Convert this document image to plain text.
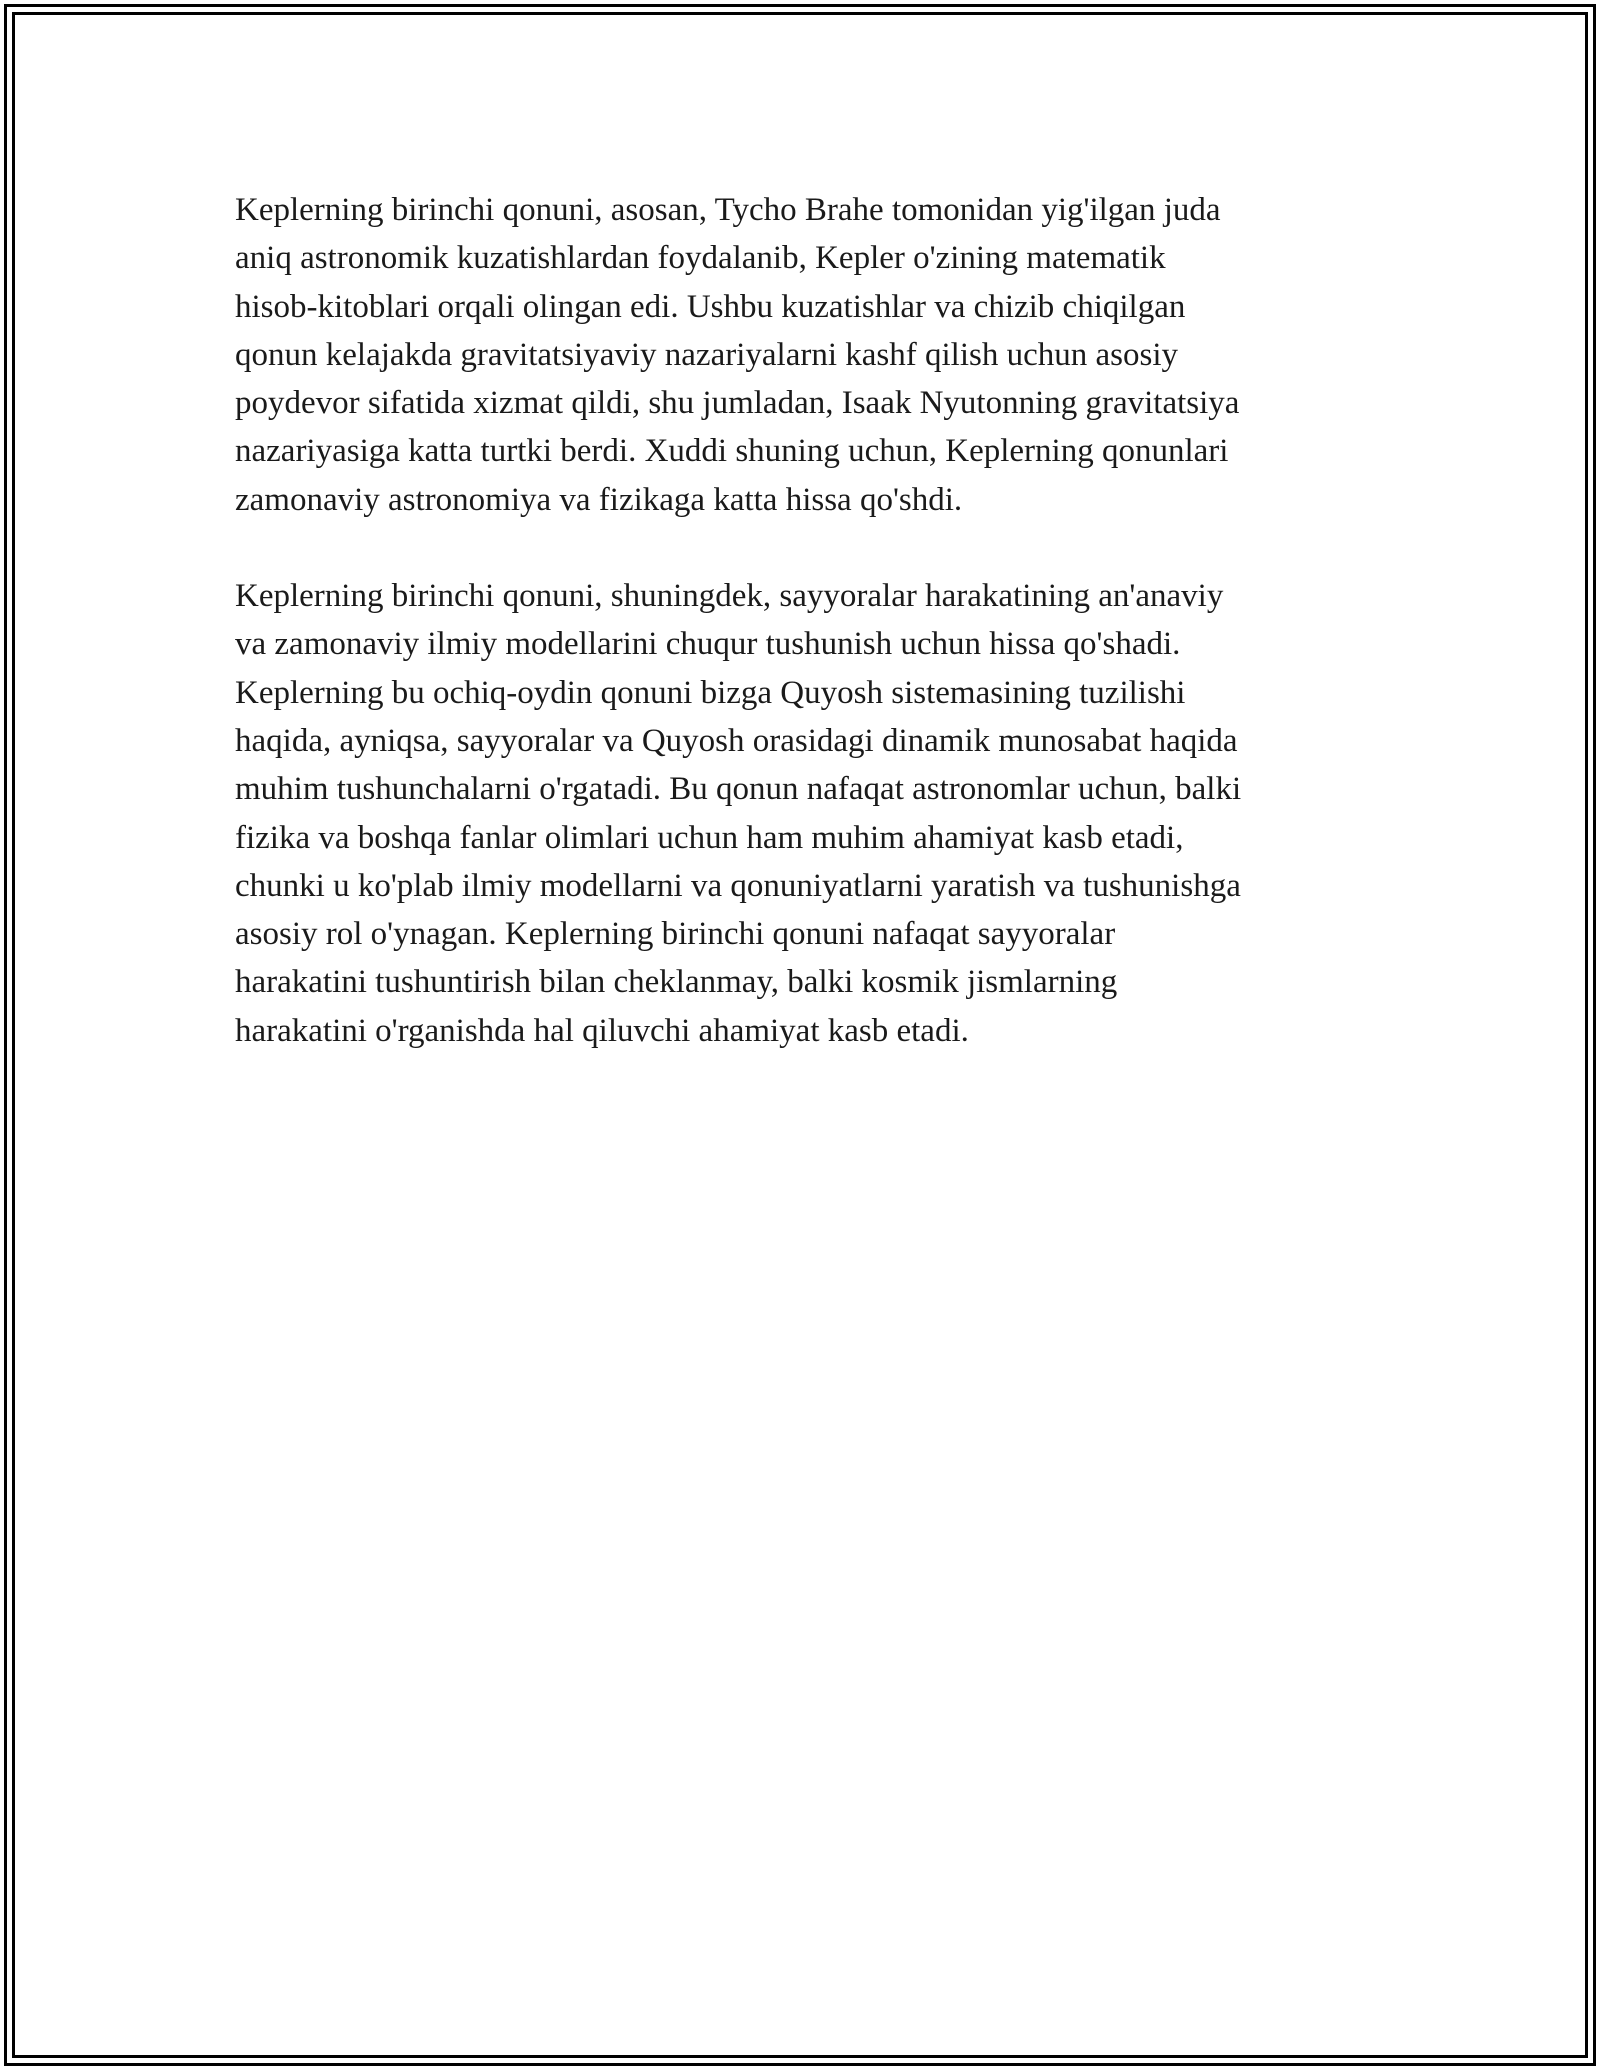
Keplerning birinchi qonuni, asosan, Tycho Brahe tomonidan yig'ilgan juda
aniq astronomik kuzatishlardan foydalanib, Kepler o'zining matematik
hisob-kitoblari orqali olingan edi. Ushbu kuzatishlar va chizib chiqilgan
qonun kelajakda gravitatsiyaviy nazariyalarni kashf qilish uchun asosiy
poydevor sifatida xizmat qildi, shu jumladan, Isaak Nyutonning gravitatsiya
nazariyasiga katta turtki berdi. Xuddi shuning uchun, Keplerning qonunlari
zamonaviy astronomiya va fizikaga katta hissa qo'shdi.

Keplerning birinchi qonuni, shuningdek, sayyoralar harakatining an'anaviy
va zamonaviy ilmiy modellarini chuqur tushunish uchun hissa qo'shadi.
Keplerning bu ochiq-oydin qonuni bizga Quyosh sistemasining tuzilishi
haqida, ayniqsa, sayyoralar va Quyosh orasidagi dinamik munosabat haqida
muhim tushunchalarni o'rgatadi. Bu qonun nafaqat astronomlar uchun, balki
fizika va boshqa fanlar olimlari uchun ham muhim ahamiyat kasb etadi,
chunki u ko'plab ilmiy modellarni va qonuniyatlarni yaratish va tushunishga
asosiy rol o'ynagan. Keplerning birinchi qonuni nafaqat sayyoralar
harakatini tushuntirish bilan cheklanmay, balki kosmik jismlarning
harakatini o'rganishda hal qiluvchi ahamiyat kasb etadi.
